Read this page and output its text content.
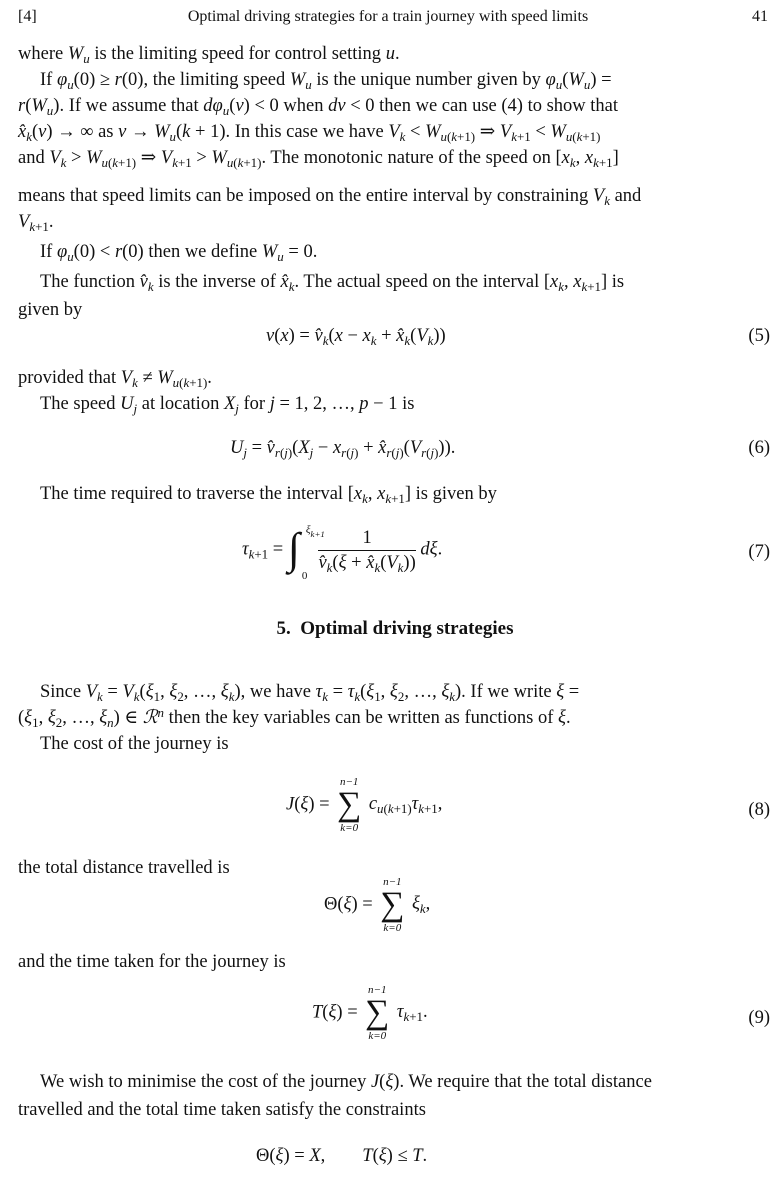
[4]	Optimal driving strategies for a train journey with speed limits	41
where $W_u$ is the limiting speed for control setting u.
If $\varphi_u(0) \ge r(0)$, the limiting speed $W_u$ is the unique number given by $\varphi_u(W_u)$ =
$r(W_u)$. If we assume that $d\varphi_u(v) < 0$ when dv < 0 then we can use (4) to show that
$x̂_k(v)$ → ∞ as $v \to W_u(k + 1)$. In this case we have $V_k < W_{u(k+1)}$ ⇒ $V_{k+1} < W_{u(k+1)}$
and $V_k > W_{u(k+1)}$ ⇒ $V_{k+1} > W_{u(k+1)}$. The monotonic nature of the speed on [$x_k$, $x_{k+1}$]
means that speed limits can be imposed on the entire interval by constraining $V_k$ and
$V_{k+1}$.
If $\varphi_u(0) < r(0)$ then we define $W_u = 0$.
The function $v̂_k$ is the inverse of $x̂_k$. The actual speed on the interval [$x_k$, $x_{k+1}$] is
given by
$v(x) = v̂_k(x - x_k$ + $x̂_k(V_k)$)	(5)
provided that $V_k \ne W_{u(k+1)}$.
The speed $U_j$ at location $X_j$ for j = 1, 2, …, p − 1 is
$U_j$ = $v̂_{r(j)}(X_j - x_{r(j)}$ + $x̂_{r(j)}(V_{r(j)})$).	(6)
The time required to traverse the interval [$x_k$, $x_{k+1}$] is given by
$\tau_{k+1}$ = ∫ $\xi_{k+1}$
0

$\frac{1}{v̂_k(\xi + x̂_k(V_k))} d\xi$.	(7)
5. Optimal driving strategies
Since $V_k = V_k(\xi_1$, $\xi_2$, …, $\xi_k$), we have $\tau_k = \tau_k(\xi_1$, $\xi_2$, …, $\xi_k$). If we write ξ =
($\xi_1$, $\xi_2$, …, $\xi_n$) ∈ ℛ$^n$ then the key variables can be written as functions of ξ.
The cost of the journey is
J(ξ) =
n−1
∑
k=0
$c_{u(k+1)}\tau_{k+1}$,	(8)
the total distance travelled is
Θ(ξ) =
n−1
∑
k=0
$\xi_k$,
and the time taken for the journey is
T(ξ) =
n−1
∑
k=0
$\tau_{k+1}$.	(9)
We wish to minimise the cost of the journey J(ξ). We require that the total distance
travelled and the total time taken satisfy the constraints
Θ(ξ) = X,        T(ξ) ≤ T.
